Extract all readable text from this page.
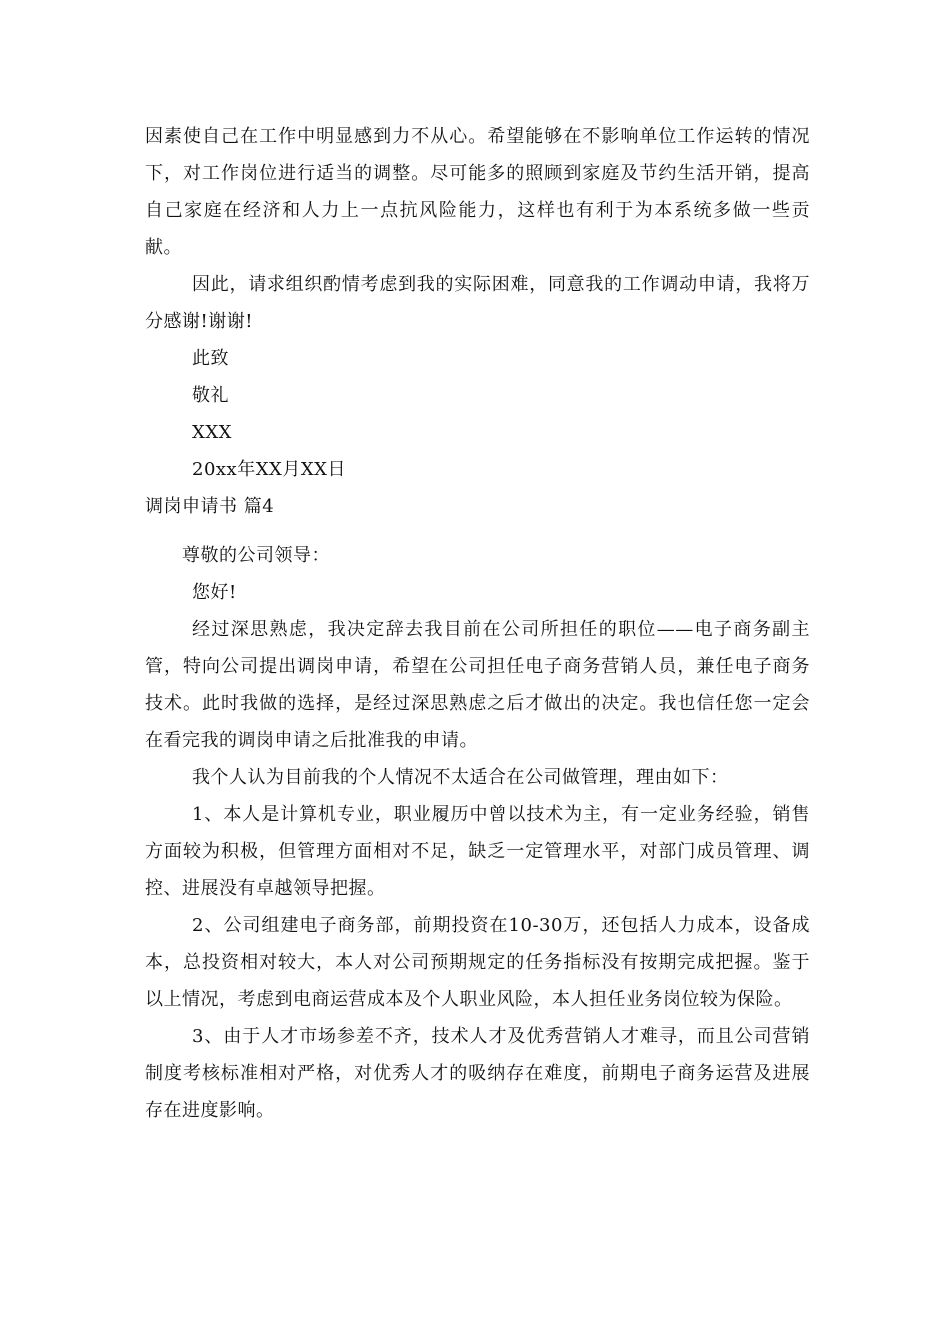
因素使自己在工作中明显感到力不从心。希望能够在不影响单位工作运转的情况下，对工作岗位进行适当的调整。尽可能多的照顾到家庭及节约生活开销，提高自己家庭在经济和人力上一点抗风险能力，这样也有利于为本系统多做一些贡献。

因此，请求组织酌情考虑到我的实际困难，同意我的工作调动申请，我将万分感谢!谢谢!

此致

敬礼

XXX

20xx年XX月XX日

调岗申请书 篇4

尊敬的公司领导：

您好!

经过深思熟虑，我决定辞去我目前在公司所担任的职位——电子商务副主管，特向公司提出调岗申请，希望在公司担任电子商务营销人员，兼任电子商务技术。此时我做的选择，是经过深思熟虑之后才做出的决定。我也信任您一定会在看完我的调岗申请之后批准我的申请。

我个人认为目前我的个人情况不太适合在公司做管理，理由如下：

1、本人是计算机专业，职业履历中曾以技术为主，有一定业务经验，销售方面较为积极，但管理方面相对不足，缺乏一定管理水平，对部门成员管理、调控、进展没有卓越领导把握。

2、公司组建电子商务部，前期投资在10-30万，还包括人力成本，设备成本，总投资相对较大，本人对公司预期规定的任务指标没有按期完成把握。鉴于以上情况，考虑到电商运营成本及个人职业风险，本人担任业务岗位较为保险。

3、由于人才市场参差不齐，技术人才及优秀营销人才难寻，而且公司营销制度考核标准相对严格，对优秀人才的吸纳存在难度，前期电子商务运营及进展存在进度影响。
